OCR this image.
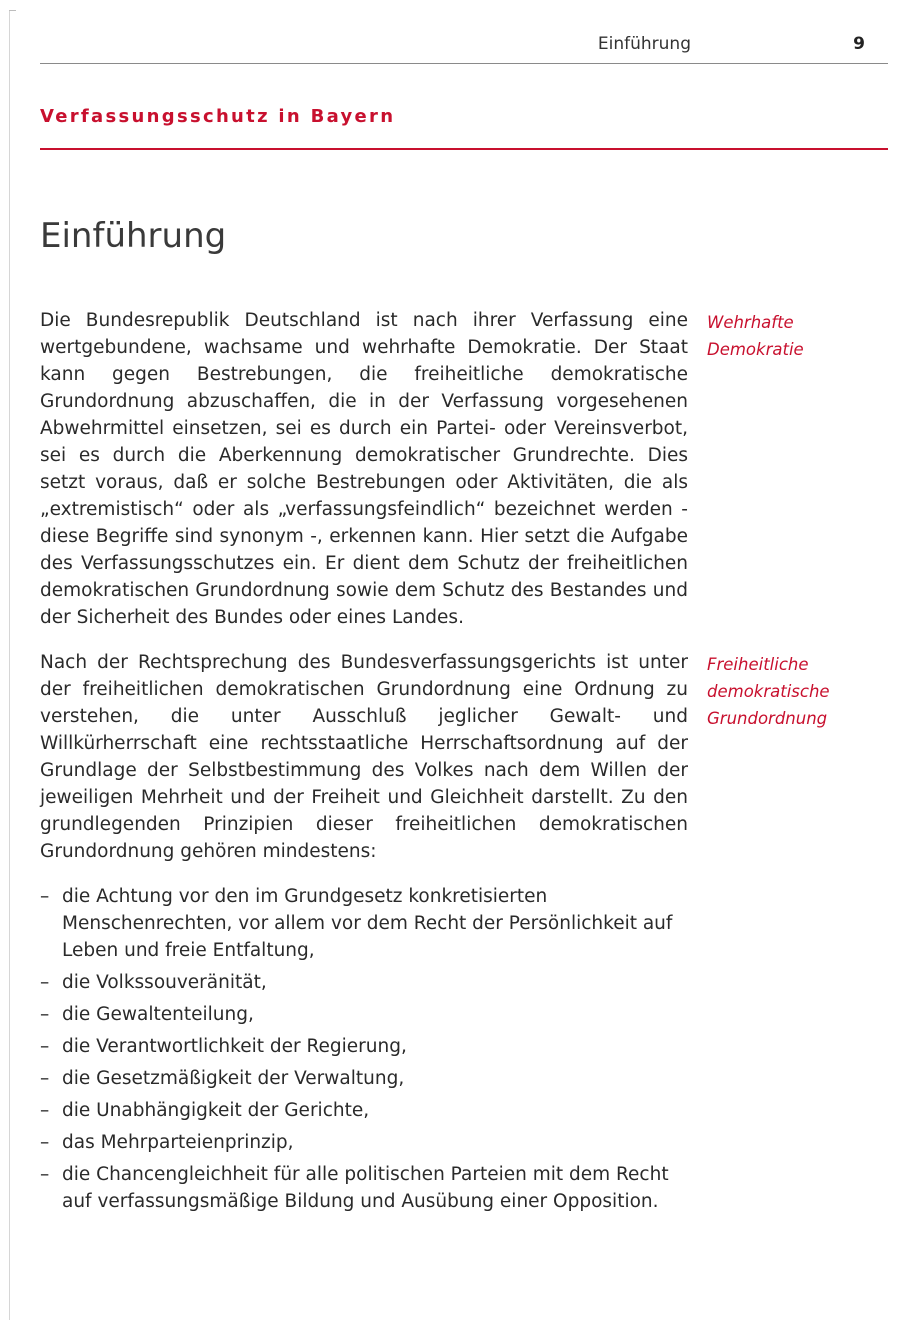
Einführung	9
Verfassungsschutz in Bayern
Einführung

Die Bundesrepublik Deutschland ist nach ihrer Verfassung eine wertgebundene, wachsame und wehrhafte Demokratie. Der Staat kann gegen Bestrebungen, die freiheitliche demokratische Grundordnung abzuschaffen, die in der Verfassung vorgesehenen Abwehrmittel einsetzen, sei es durch ein Partei- oder Vereinsverbot, sei es durch die Aberkennung demokratischer Grundrechte. Dies setzt voraus, daß er solche Bestrebungen oder Aktivitäten, die als „extremistisch“ oder als „verfassungsfeindlich“ bezeichnet werden - diese Begriffe sind synonym -, erkennen kann. Hier setzt die Aufgabe des Verfassungsschutzes ein. Er dient dem Schutz der freiheitlichen demokratischen Grundordnung sowie dem Schutz des Bestandes und der Sicherheit des Bundes oder eines Landes.

Nach der Rechtsprechung des Bundesverfassungsgerichts ist unter der freiheitlichen demokratischen Grundordnung eine Ordnung zu verstehen, die unter Ausschluß jeglicher Gewalt- und Willkürherrschaft eine rechtsstaatliche Herrschaftsordnung auf der Grundlage der Selbstbestimmung des Volkes nach dem Willen der jeweiligen Mehrheit und der Freiheit und Gleichheit darstellt. Zu den grundlegenden Prinzipien dieser freiheitlichen demokratischen Grundordnung gehören mindestens:

– die Achtung vor den im Grundgesetz konkretisierten Menschenrechten, vor allem vor dem Recht der Persönlichkeit auf Leben und freie Entfaltung,
– die Volkssouveränität,
– die Gewaltenteilung,
– die Verantwortlichkeit der Regierung,
– die Gesetzmäßigkeit der Verwaltung,
– die Unabhängigkeit der Gerichte,
– das Mehrparteienprinzip,
– die Chancengleichheit für alle politischen Parteien mit dem Recht auf verfassungsmäßige Bildung und Ausübung einer Opposition.
Wehrhafte
Demokratie
Freiheitliche
demokratische
Grundordnung
